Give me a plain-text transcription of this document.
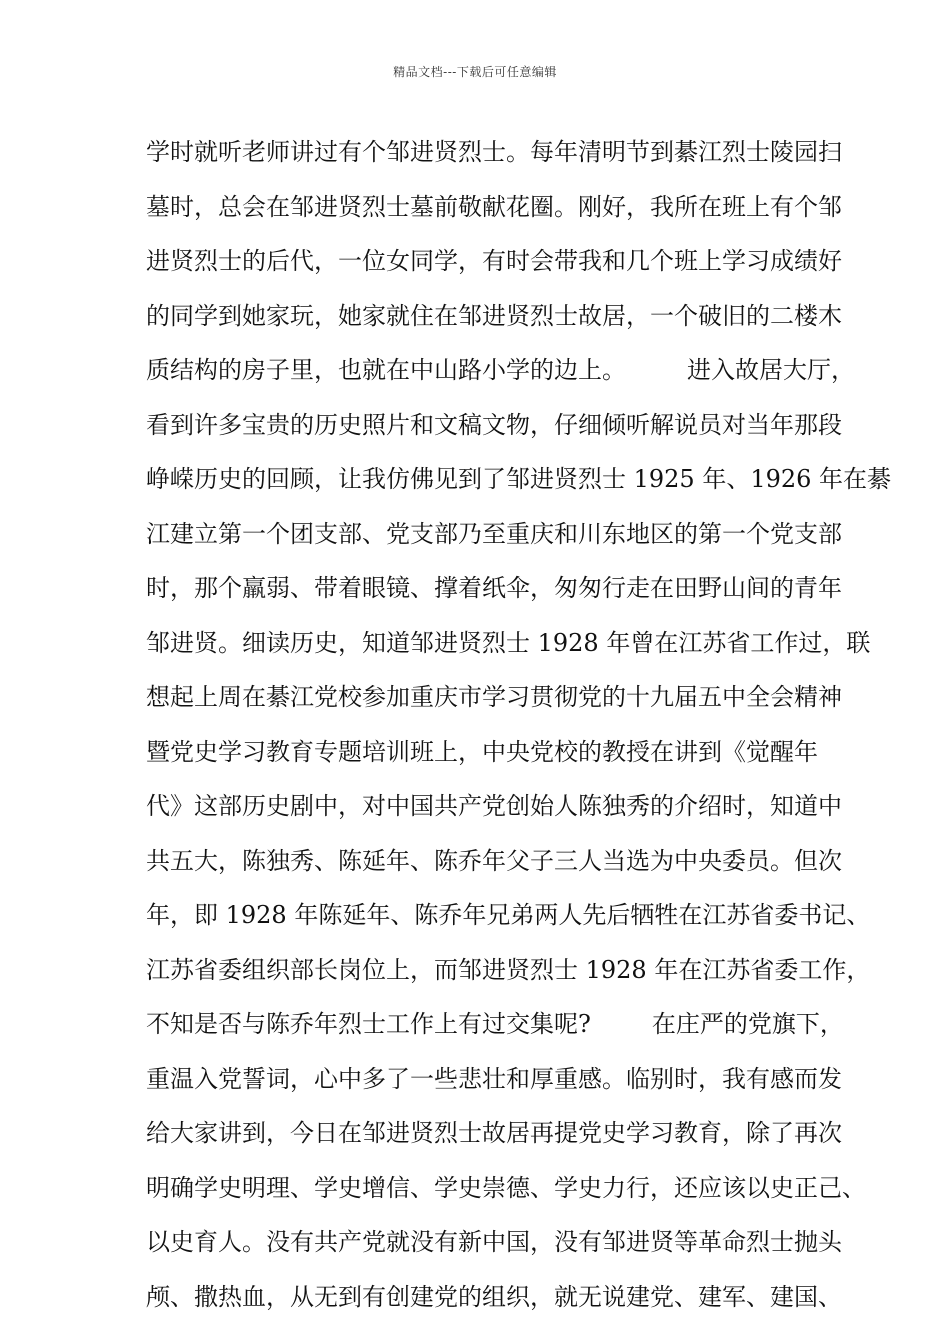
精品文档---下载后可任意编辑
学时就听老师讲过有个邹进贤烈士。每年清明节到綦江烈士陵园扫
墓时，总会在邹进贤烈士墓前敬献花圈。刚好，我所在班上有个邹
进贤烈士的后代，一位女同学，有时会带我和几个班上学习成绩好
的同学到她家玩，她家就住在邹进贤烈士故居，一个破旧的二楼木
质结构的房子里，也就在中山路小学的边上。        进入故居大厅，
看到许多宝贵的历史照片和文稿文物，仔细倾听解说员对当年那段
峥嵘历史的回顾，让我仿佛见到了邹进贤烈士 1925 年、1926 年在綦
江建立第一个团支部、党支部乃至重庆和川东地区的第一个党支部
时，那个羸弱、带着眼镜、撑着纸伞，匆匆行走在田野山间的青年
邹进贤。细读历史，知道邹进贤烈士 1928 年曾在江苏省工作过，联
想起上周在綦江党校参加重庆市学习贯彻党的十九届五中全会精神
暨党史学习教育专题培训班上，中央党校的教授在讲到《觉醒年
代》这部历史剧中，对中国共产党创始人陈独秀的介绍时，知道中
共五大，陈独秀、陈延年、陈乔年父子三人当选为中央委员。但次
年，即 1928 年陈延年、陈乔年兄弟两人先后牺牲在江苏省委书记、
江苏省委组织部长岗位上，而邹进贤烈士 1928 年在江苏省委工作，
不知是否与陈乔年烈士工作上有过交集呢?        在庄严的党旗下，
重温入党誓词，心中多了一些悲壮和厚重感。临别时，我有感而发
给大家讲到，今日在邹进贤烈士故居再提党史学习教育，除了再次
明确学史明理、学史增信、学史崇德、学史力行，还应该以史正己、
以史育人。没有共产党就没有新中国，没有邹进贤等革命烈士抛头
颅、撒热血，从无到有创建党的组织，就无说建党、建军、建国、
